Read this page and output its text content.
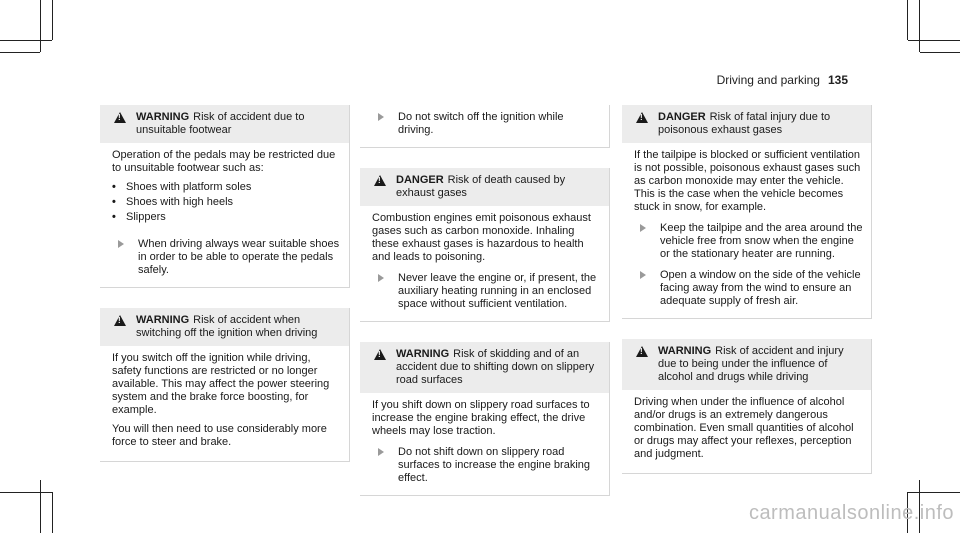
Driving and parking 135
!
WARNING Risk of accident due to unsuitable footwear

Operation of the pedals may be restricted due to unsuitable footwear such as:

• Shoes with platform soles
• Shoes with high heels
• Slippers
When driving always wear suitable shoes in order to be able to operate the pedals safely.
!
WARNING Risk of accident when switching off the ignition when driving

If you switch off the ignition while driving, safety functions are restricted or no longer available. This may affect the power steering system and the brake force boosting, for example.

You will then need to use considerably more force to steer and brake.

Do not switch off the ignition while driving.
!
DANGER Risk of death caused by exhaust gases

Combustion engines emit poisonous exhaust gases such as carbon monoxide. Inhaling these exhaust gases is hazardous to health and leads to poisoning.

Never leave the engine or, if present, the auxiliary heating running in an enclosed space without sufficient ventilation.
!
WARNING Risk of skidding and of an accident due to shifting down on slippery road surfaces

If you shift down on slippery road surfaces to increase the engine braking effect, the drive wheels may lose traction.

Do not shift down on slippery road surfaces to increase the engine braking effect.
!
DANGER Risk of fatal injury due to poisonous exhaust gases

If the tailpipe is blocked or sufficient ventilation is not possible, poisonous exhaust gases such as carbon monoxide may enter the vehicle. This is the case when the vehicle becomes stuck in snow, for example.

Keep the tailpipe and the area around the vehicle free from snow when the engine or the stationary heater are running.
Open a window on the side of the vehicle facing away from the wind to ensure an adequate supply of fresh air.
!
WARNING Risk of accident and injury due to being under the influence of alcohol and drugs while driving

Driving when under the influence of alcohol and/or drugs is an extremely dangerous combination. Even small quantities of alcohol or drugs may affect your reflexes, perception and judgment.

carmanualsonline.info
